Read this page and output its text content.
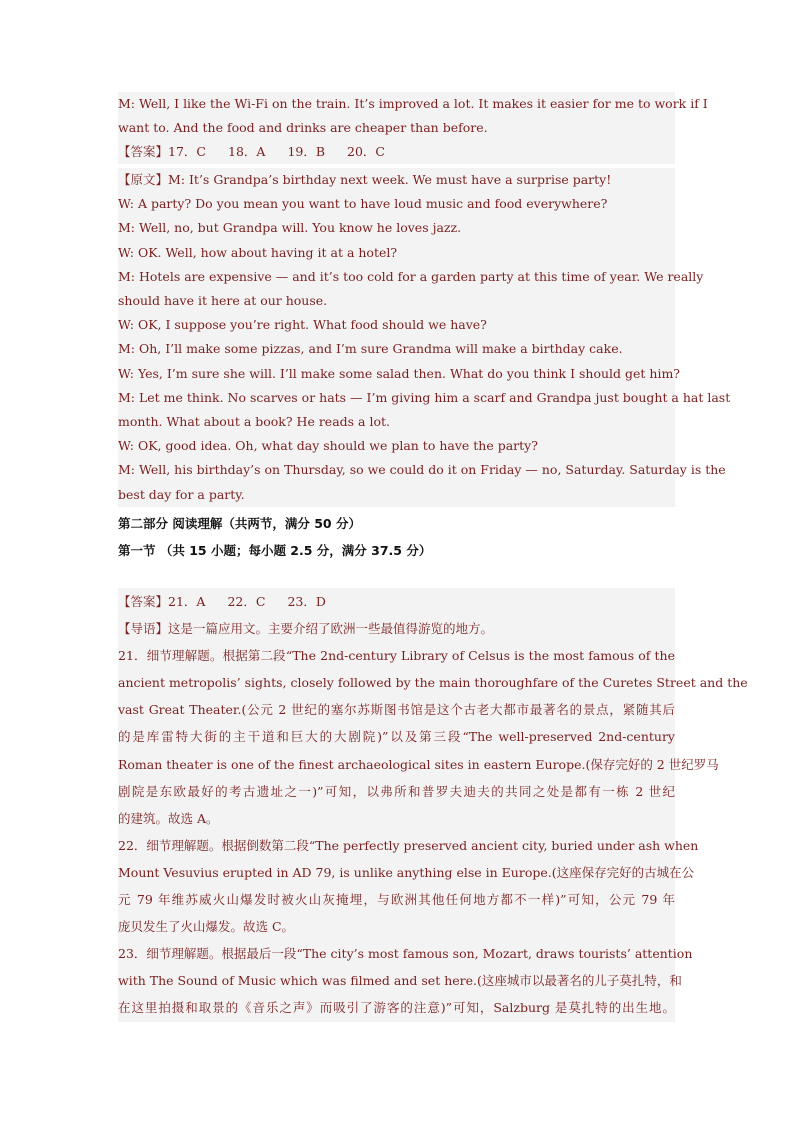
M: Well, I like the Wi-Fi on the train. It’s improved a lot. It makes it easier for me to work if I

want to. And the food and drinks are cheaper than before.

【答案】17．C 18．A 19．B 20．C

【原文】M: It’s Grandpa’s birthday next week. We must have a surprise party!

W: A party? Do you mean you want to have loud music and food everywhere?

M: Well, no, but Grandpa will. You know he loves jazz.

W: OK. Well, how about having it at a hotel?

M: Hotels are expensive — and it’s too cold for a garden party at this time of year. We really

should have it here at our house.

W: OK, I suppose you’re right. What food should we have?

M: Oh, I’ll make some pizzas, and I’m sure Grandma will make a birthday cake.

W: Yes, I’m sure she will. I’ll make some salad then. What do you think I should get him?

M: Let me think. No scarves or hats — I’m giving him a scarf and Grandpa just bought a hat last

month. What about a book? He reads a lot.

W: OK, good idea. Oh, what day should we plan to have the party?

M: Well, his birthday’s on Thursday, so we could do it on Friday — no, Saturday. Saturday is the

best day for a party.

第二部分 阅读理解（共两节，满分 50 分）

第一节 （共 15 小题；每小题 2.5 分，满分 37.5 分）

【答案】21．A 22．C 23．D

【导语】这是一篇应用文。主要介绍了欧洲一些最值得游览的地方。

21．细节理解题。根据第二段“The 2nd-century Library of Celsus is the most famous of the

ancient metropolis’ sights, closely followed by the main thoroughfare of the Curetes Street and the

vast Great Theater.(公元 2 世纪的塞尔苏斯图书馆是这个古老大都市最著名的景点，紧随其后

的是库雷特大街的主干道和巨大的大剧院)”以及第三段“The well-preserved 2nd-century

Roman theater is one of the finest archaeological sites in eastern Europe.(保存完好的 2 世纪罗马

剧院是东欧最好的考古遗址之一)”可知，以弗所和普罗夫迪夫的共同之处是都有一栋 2 世纪

的建筑。故选 A。

22．细节理解题。根据倒数第二段“The perfectly preserved ancient city, buried under ash when

Mount Vesuvius erupted in AD 79, is unlike anything else in Europe.(这座保存完好的古城在公

元 79 年维苏威火山爆发时被火山灰掩埋，与欧洲其他任何地方都不一样)”可知，公元 79 年

庞贝发生了火山爆发。故选 C。

23．细节理解题。根据最后一段“The city’s most famous son, Mozart, draws tourists’ attention

with The Sound of Music which was filmed and set here.(这座城市以最著名的儿子莫扎特，和

在这里拍摄和取景的《音乐之声》而吸引了游客的注意)”可知，Salzburg 是莫扎特的出生地。
